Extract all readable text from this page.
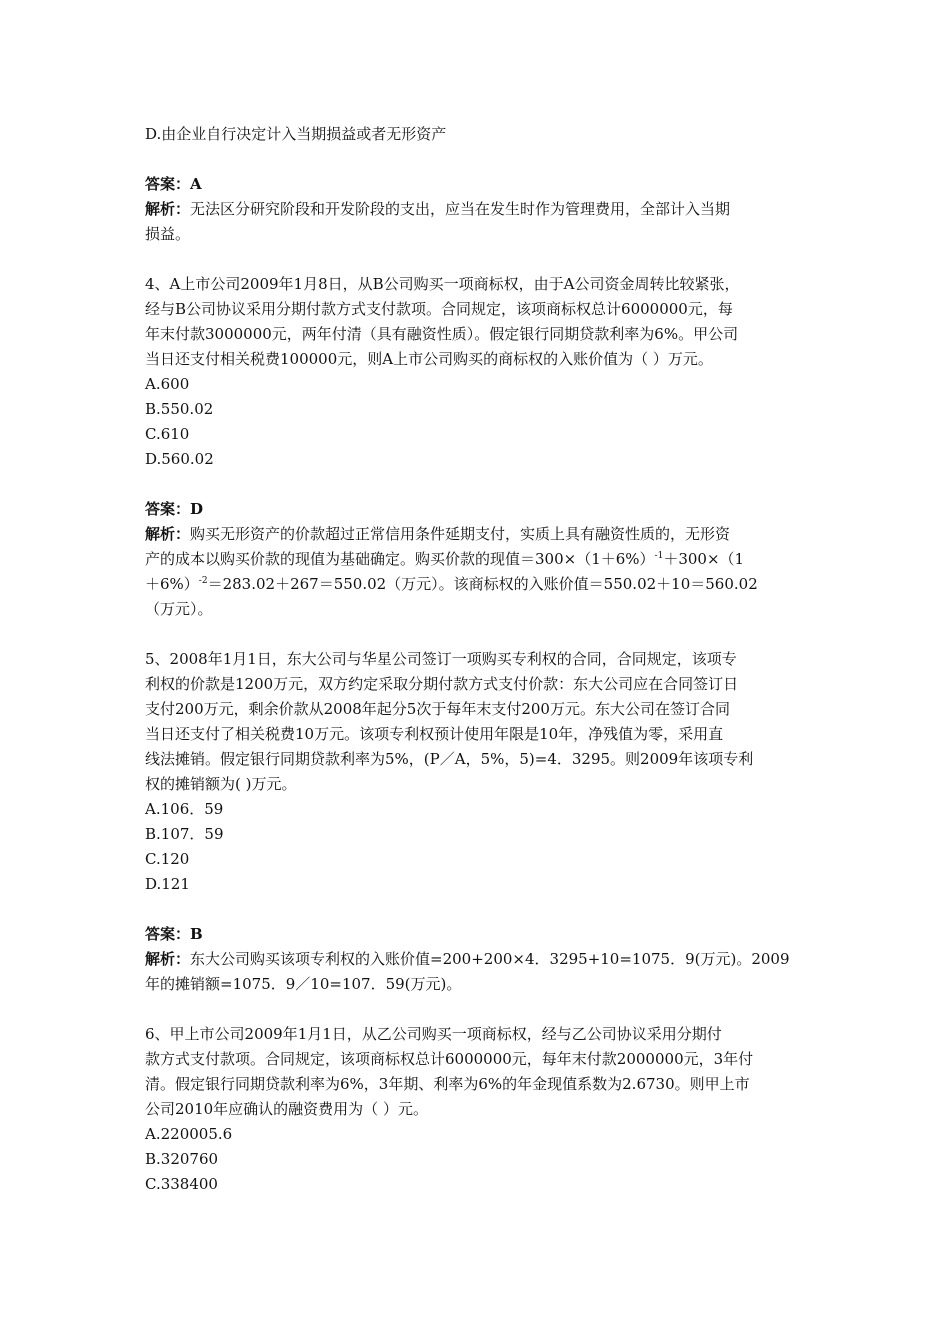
D.由企业自行决定计入当期损益或者无形资产
答案：A
解析：无法区分研究阶段和开发阶段的支出，应当在发生时作为管理费用，全部计入当期
损益。
4、A上市公司2009年1月8日，从B公司购买一项商标权，由于A公司资金周转比较紧张，
经与B公司协议采用分期付款方式支付款项。合同规定，该项商标权总计6000000元，每
年末付款3000000元，两年付清（具有融资性质）。假定银行同期贷款利率为6%。甲公司
当日还支付相关税费100000元，则A上市公司购买的商标权的入账价值为（ ）万元。
A.600
B.550.02
C.610
D.560.02
答案：D
解析：购买无形资产的价款超过正常信用条件延期支付，实质上具有融资性质的，无形资
产的成本以购买价款的现值为基础确定。购买价款的现值$=300\times(1+6\%)^{-1}+300\times(1$
＋6%）$^{-2}$＝283.02＋267＝550.02（万元）。该商标权的入账价值＝550.02＋10＝560.02
（万元）。
5、2008年1月1日，东大公司与华星公司签订一项购买专利权的合同，合同规定，该项专
利权的价款是1200万元，双方约定采取分期付款方式支付价款：东大公司应在合同签订日
支付200万元，剩余价款从2008年起分5次于每年末支付200万元。东大公司在签订合同
当日还支付了相关税费10万元。该项专利权预计使用年限是10年，净残值为零，采用直
线法摊销。假定银行同期贷款利率为5%，(P／A，5%，5)=4．3295。则2009年该项专利
权的摊销额为( )万元。
A.106．59
B.107．59
C.120
D.121
答案：B
解析：东大公司购买该项专利权的入账价值=200+200×4．3295+10=1075．9(万元)。2009
年的摊销额=1075．9／10=107．59(万元)。
6、甲上市公司2009年1月1日，从乙公司购买一项商标权，经与乙公司协议采用分期付
款方式支付款项。合同规定，该项商标权总计6000000元，每年末付款2000000元，3年付
清。假定银行同期贷款利率为6%，3年期、利率为6%的年金现值系数为2.6730。则甲上市
公司2010年应确认的融资费用为（ ）元。
A.220005.6
B.320760
C.338400
